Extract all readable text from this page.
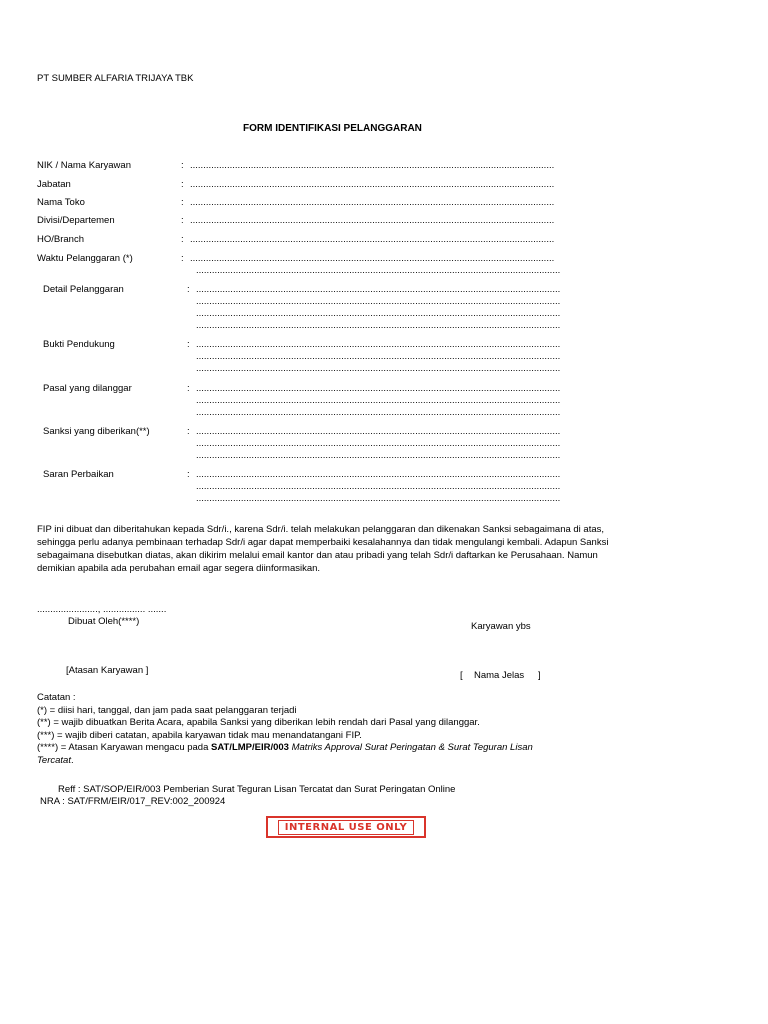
PT SUMBER ALFARIA TRIJAYA TBK
FORM IDENTIFIKASI PELANGGARAN
NIK / Nama Karyawan	: ..........................................................................................................................................
Jabatan	: ..........................................................................................................................................
Nama Toko	: ..........................................................................................................................................
Divisi/Departemen	: ..........................................................................................................................................
HO/Branch	: ..........................................................................................................................................
Waktu Pelanggaran (*)	: ..........................................................................................................................................
..........................................................................................................................................
Detail Pelanggaran	: ..........................................................................................................................................
..........................................................................................................................................
..........................................................................................................................................
..........................................................................................................................................
Bukti Pendukung	: ..........................................................................................................................................
..........................................................................................................................................
..........................................................................................................................................
Pasal yang dilanggar	: ..........................................................................................................................................
..........................................................................................................................................
..........................................................................................................................................
Sanksi yang diberikan(**)	: ..........................................................................................................................................
..........................................................................................................................................
..........................................................................................................................................
Saran Perbaikan	: ..........................................................................................................................................
..........................................................................................................................................
..........................................................................................................................................
FIP ini dibuat dan diberitahukan kepada Sdr/i., karena Sdr/i. telah melakukan pelanggaran dan dikenakan Sanksi sebagaimana di atas, sehingga perlu adanya pembinaan terhadap Sdr/i agar dapat memperbaiki kesalahannya dan tidak mengulangi kembali. Adapun Sanksi sebagaimana disebutkan diatas, akan dikirim melalui email kantor dan atau pribadi yang telah Sdr/i daftarkan ke Perusahaan. Namun demikian apabila ada perubahan email agar segera diinformasikan.
......................., ................ .......
Dibuat Oleh(****)	Karyawan ybs
[Atasan Karyawan ]	[ Nama Jelas ]
Catatan :
(*) = diisi hari, tanggal, dan jam pada saat pelanggaran terjadi
(**) = wajib dibuatkan Berita Acara, apabila Sanksi yang diberikan lebih rendah dari Pasal yang dilanggar.
(***) = wajib diberi catatan, apabila karyawan tidak mau menandatangani FIP.
(****) = Atasan Karyawan mengacu pada SAT/LMP/EIR/003 Matriks Approval Surat Peringatan & Surat Teguran Lisan
Tercatat.
Reff : SAT/SOP/EIR/003 Pemberian Surat Teguran Lisan Tercatat dan Surat Peringatan Online
NRA : SAT/FRM/EIR/017_REV:002_200924
INTERNAL USE ONLY
